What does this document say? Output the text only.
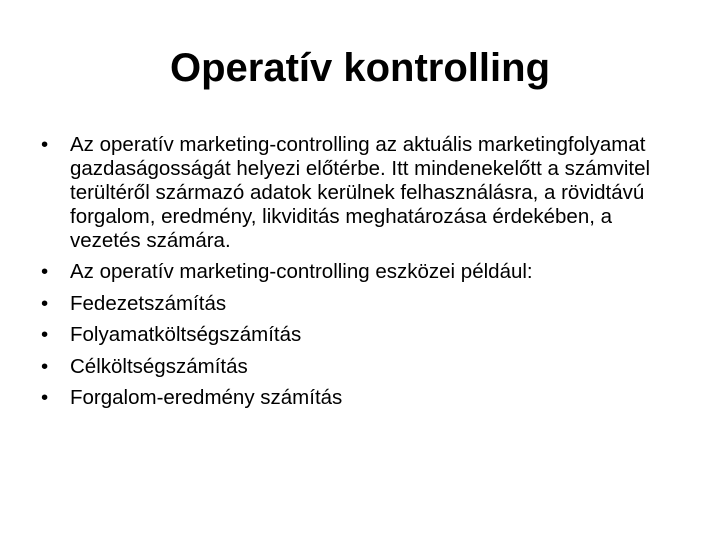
Operatív kontrolling
• Az operatív marketing-controlling az aktuális marketingfolyamat gazdaságosságát helyezi előtérbe. Itt mindenekelőtt a számvitel terültéről származó adatok kerülnek felhasználásra, a rövidtávú forgalom, eredmény, likviditás meghatározása érdekében, a vezetés számára.
• Az operatív marketing-controlling eszközei például:
• Fedezetszámítás
• Folyamatköltségszámítás
• Célköltségszámítás
• Forgalom-eredmény számítás
